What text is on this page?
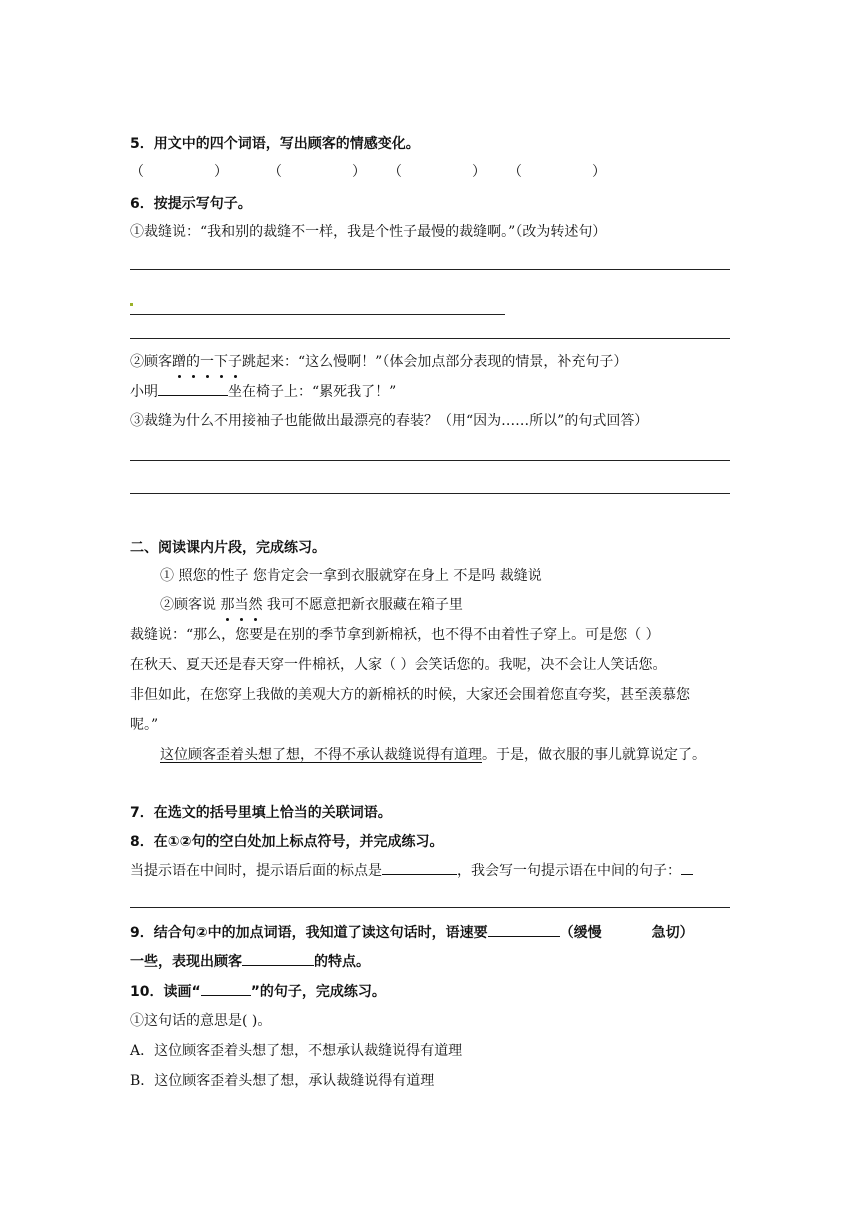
5．用文中的四个词语，写出顾客的情感变化。
（	）	（	） （	） （	）
6．按提示写句子。
①裁缝说：“我和别的裁缝不一样，我是个性子最慢的裁缝啊。”（改为转述句）
②顾客蹭的一下子跳起来：“这么慢啊！”（体会加点部分表现的情景，补充句子）
小明	坐在椅子上：“累死我了！”
③裁缝为什么不用接袖子也能做出最漂亮的春装？（用“因为……所以”的句式回答）
二、阅读课内片段，完成练习。
① 照您的性子 您肯定会一拿到衣服就穿在身上 不是吗 裁缝说
②顾客说 那当然 我可不愿意把新衣服藏在箱子里
裁缝说：“那么，您要是在别的季节拿到新棉袄，也不得不由着性子穿上。可是您（ ）
在秋天、夏天还是春天穿一件棉袄，人家（ ）会笑话您的。我呢，决不会让人笑话您。
非但如此，在您穿上我做的美观大方的新棉袄的时候，大家还会围着您直夸奖，甚至羡慕您
呢。”
这位顾客歪着头想了想，不得不承认裁缝说得有道理。于是，做衣服的事儿就算说定了。
7．在选文的括号里填上恰当的关联词语。
8．在①②句的空白处加上标点符号，并完成练习。
当提示语在中间时，提示语后面的标点是	，我会写一句提示语在中间的句子：
9．结合句②中的加点词语，我知道了读这句话时，语速要	（缓慢	急切）
一些，表现出顾客	的特点。
10．读画“	”的句子，完成练习。
①这句话的意思是( )。
A．这位顾客歪着头想了想，不想承认裁缝说得有道理
B．这位顾客歪着头想了想，承认裁缝说得有道理
